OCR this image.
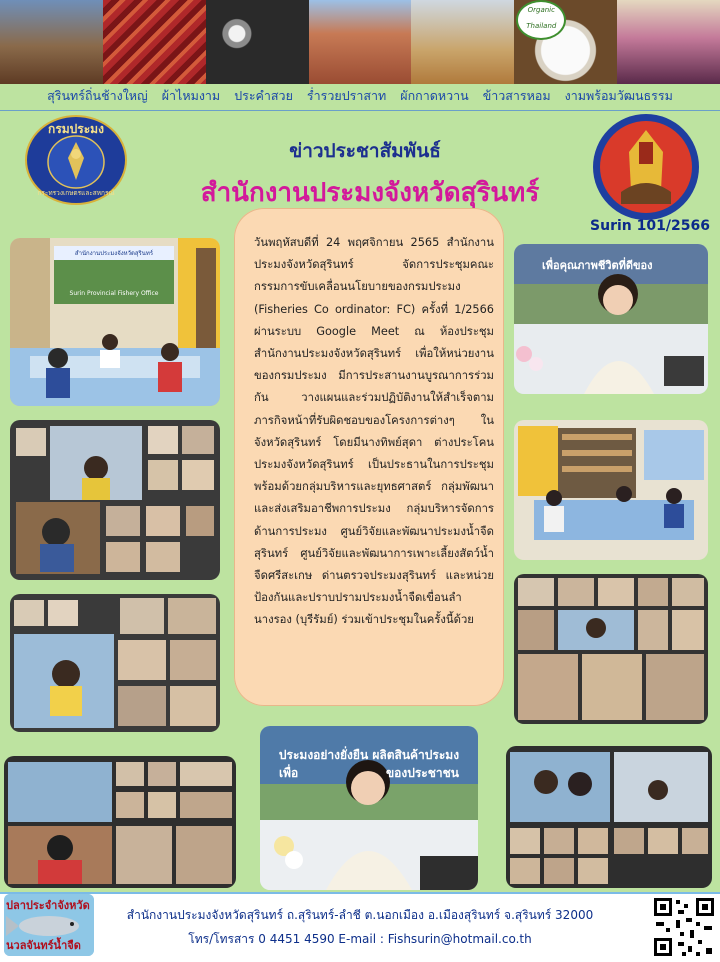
Organic Thailand
สุรินทร์ถิ่นช้างใหญ่ ผ้าไหมงาม ประคำสวย ร่ำรวยปราสาท ผักกาดหวาน ข้าวสารหอม งามพร้อมวัฒนธรรม
กรมประมง
กระทรวงเกษตรและสหกรณ์
ข่าวประชาสัมพันธ์
สำนักงานประมงจังหวัดสุรินทร์
Surin 101/2566
สำนักงานประมงจังหวัดสุรินทร์
Surin Provincial Fishery Office
เพื่อคุณภาพชีวิตที่ดีของ
ประมงอย่างยั่งยืน ผลิตสินค้าประมง
เพื่อ                     ของประชาชน
วันพฤหัสบดีที่ 24 พฤศจิกายน 2565 สำนักงานประมงจังหวัดสุรินทร์ จัดการประชุมคณะกรรมการขับเคลื่อนนโยบายของกรมประมง (Fisheries Co ordinator: FC) ครั้งที่ 1/2566 ผ่านระบบ Google Meet ณ ห้องประชุมสำนักงานประมงจังหวัดสุรินทร์ เพื่อให้หน่วยงานของกรมประมง มีการประสานงานบูรณาการร่วมกัน วางแผนและร่วมปฏิบัติงานให้สำเร็จตามภารกิจหน้าที่รับผิดชอบของโครงการต่างๆ ในจังหวัดสุรินทร์ โดยมีนางทิพย์สุดา ต่างประโคน ประมงจังหวัดสุรินทร์ เป็นประธานในการประชุม พร้อมด้วยกลุ่มบริหารและยุทธศาสตร์ กลุ่มพัฒนาและส่งเสริมอาชีพการประมง กลุ่มบริหารจัดการด้านการประมง ศูนย์วิจัยและพัฒนาประมงน้ำจืดสุรินทร์ ศูนย์วิจัยและพัฒนาการเพาะเลี้ยงสัตว์น้ำจืดศรีสะเกษ ด่านตรวจประมงสุรินทร์ และหน่วยป้องกันและปราบปรามประมงน้ำจืดเขื่อนลำนางรอง (บุรีรัมย์) ร่วมเข้าประชุมในครั้งนี้ด้วย
ปลาประจำจังหวัด
นวลจันทร์น้ำจืด
สำนักงานประมงจังหวัดสุรินทร์ ถ.สุรินทร์-ลำชี ต.นอกเมือง อ.เมืองสุรินทร์ จ.สุรินทร์ 32000
โทร/โทรสาร 0 4451 4590 E-mail : Fishsurin@hotmail.co.th
